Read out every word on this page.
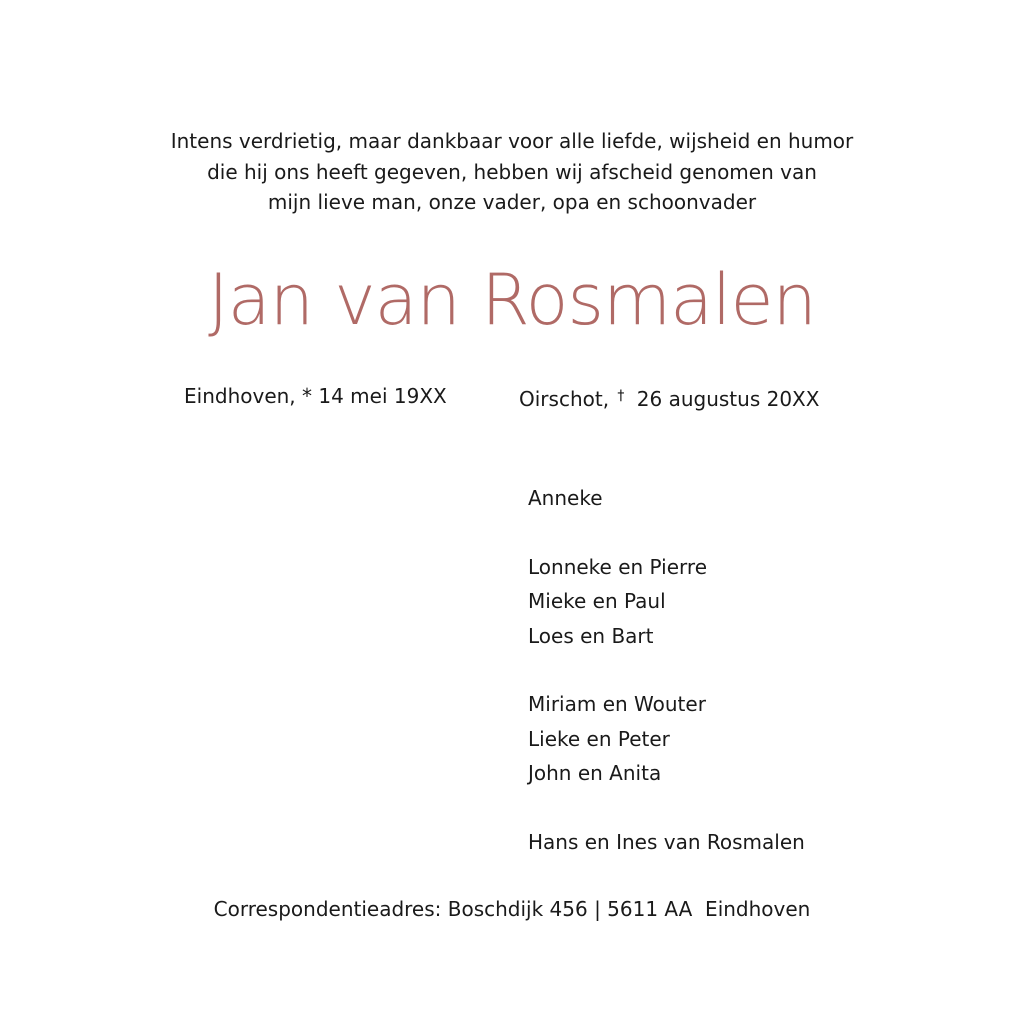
Intens verdrietig, maar dankbaar voor alle liefde, wijsheid en humor
die hij ons heeft gegeven, hebben wij afscheid genomen van
mijn lieve man, onze vader, opa en schoonvader
Jan van Rosmalen
Eindhoven, * 14 mei 19XX	Oirschot, † 26 augustus 20XX
Anneke
Lonneke en Pierre
Mieke en Paul
Loes en Bart
Miriam en Wouter
Lieke en Peter
John en Anita
Hans en Ines van Rosmalen
Correspondentieadres: Boschdijk 456 | 5611 AA  Eindhoven
